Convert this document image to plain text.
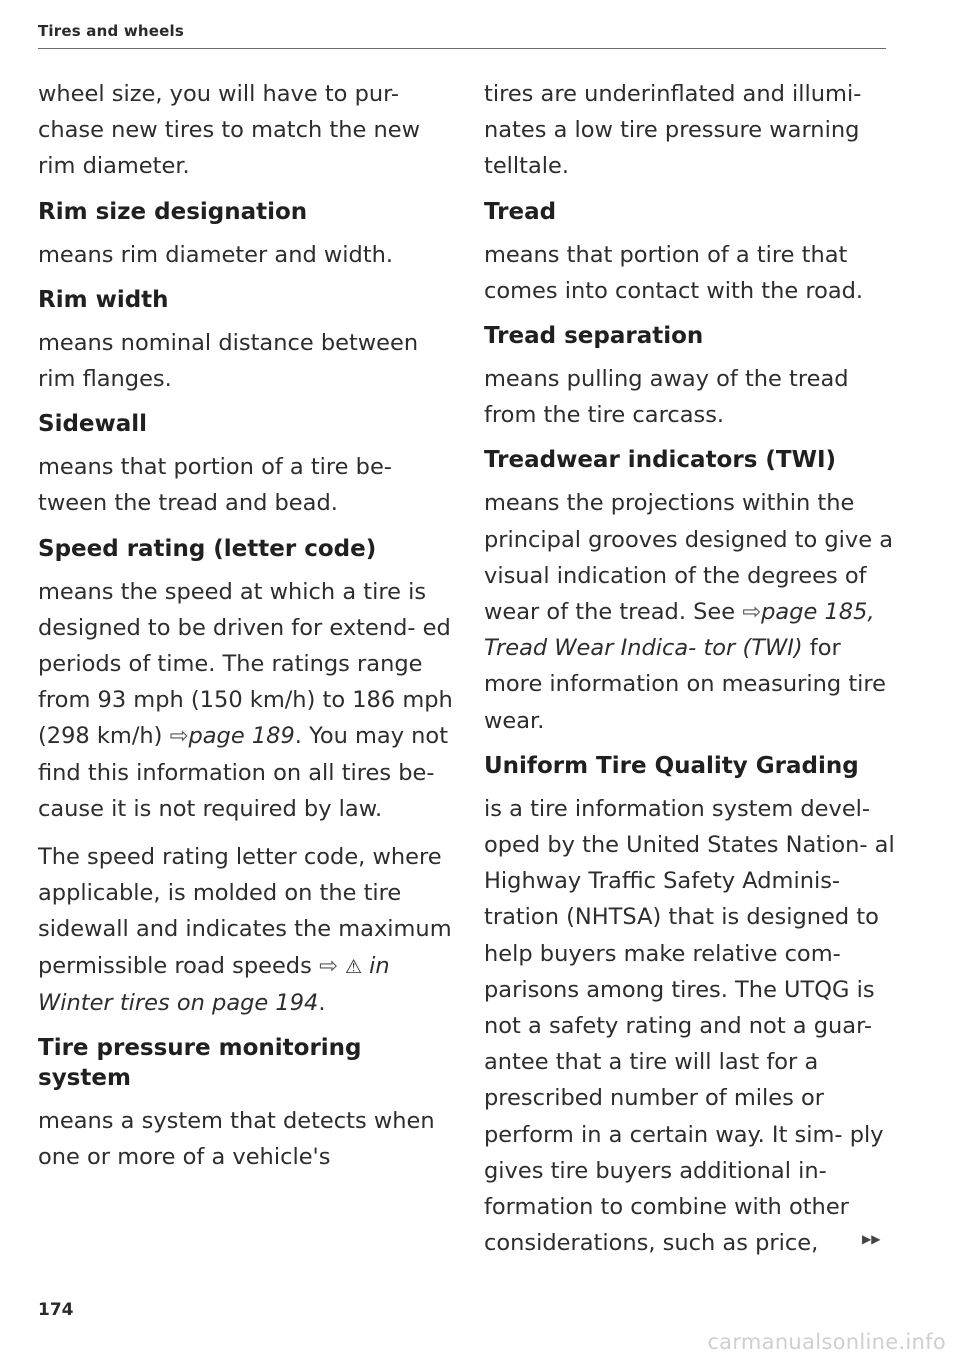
Tires and wheels

wheel size, you will have to pur- chase new tires to match the new rim diameter.

Rim size designation

means rim diameter and width.

Rim width

means nominal distance between rim flanges.

Sidewall

means that portion of a tire be- tween the tread and bead.

Speed rating (letter code)

means the speed at which a tire is designed to be driven for extend- ed periods of time. The ratings range from 93 mph (150 km/h) to 186 mph (298 km/h) ⇨page 189. You may not find this information on all tires be- cause it is not required by law.

The speed rating letter code, where applicable, is molded on the tire sidewall and indicates the maximum permissible road speeds ⇨ ⚠ in Winter tires on page 194.

Tire pressure monitoring system

means a system that detects when one or more of a vehicle's

tires are underinflated and illumi- nates a low tire pressure warning telltale.

Tread

means that portion of a tire that comes into contact with the road.

Tread separation

means pulling away of the tread from the tire carcass.

Treadwear indicators (TWI)

means the projections within the principal grooves designed to give a visual indication of the degrees of wear of the tread. See ⇨page 185, Tread Wear Indica- tor (TWI) for more information on measuring tire wear.

Uniform Tire Quality Grading

is a tire information system devel- oped by the United States Nation- al Highway Traffic Safety Adminis- tration (NHTSA) that is designed to help buyers make relative com- parisons among tires. The UTQG is not a safety rating and not a guar- antee that a tire will last for a prescribed number of miles or perform in a certain way. It sim- ply gives tire buyers additional in- formation to combine with other considerations, such as price,	▶▶
174
carmanualsonline.info
